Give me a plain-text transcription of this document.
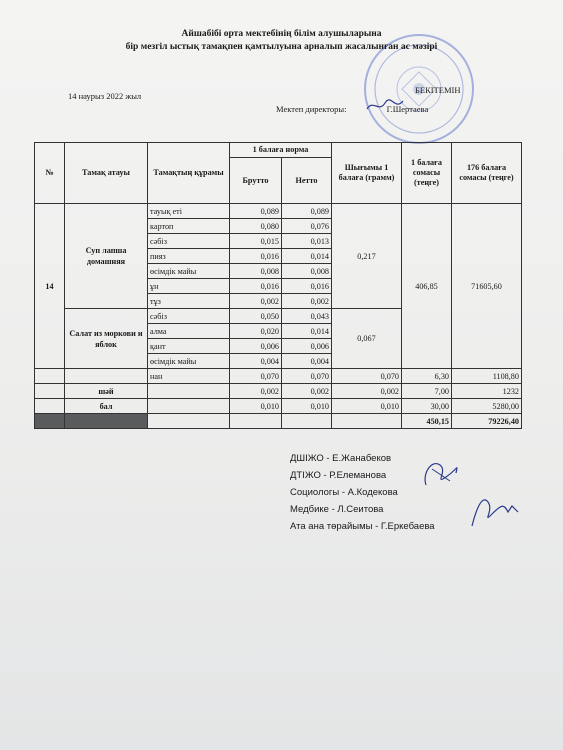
Айшабібі орта мектебінің білім алушыларына
бір мезгіл ыстық тамақпен қамтылуына арналып жасалынған ас мәзірі
14 наурыз 2022 жыл
БЕКІТЕМІН
Мектеп директоры:	Г.Шертаева
№	Тамақ атауы	Тамақтың құрамы	1 балаға норма		Шығымы 1 балаға (грамм)	1 балаға сомасы (теңге)	176 балаға сомасы (теңге)
			Брутто	Нетто			
14	Суп лапша домашняя	тауық еті	0,089	0,089	0,217	406,85	71605,60
		картоп	0,080	0,076			
		сәбіз	0,015	0,013			
		пияз	0,016	0,014			
		өсімдік майы	0,008	0,008			
		ұн	0,016	0,016			
		тұз	0,002	0,002			
	Салат из моркови и яблок	сәбіз	0,050	0,043	0,067		
		алма	0,020	0,014			
		қант	0,006	0,006			
		өсімдік майы	0,004	0,004			
		нан	0,070	0,070	0,070	6,30	1108,80
	шәй		0,002	0,002	0,002	7,00	1232
	бал		0,010	0,010	0,010	30,00	5280,00
						450,15	79226,40
ДШІЖО - Е.Жанабеков
ДТІЖО - Р.Елеманова
Социологы - А.Кодекова
Медбике - Л.Сеитова
Ата ана төрайымы - Г.Еркебаева
